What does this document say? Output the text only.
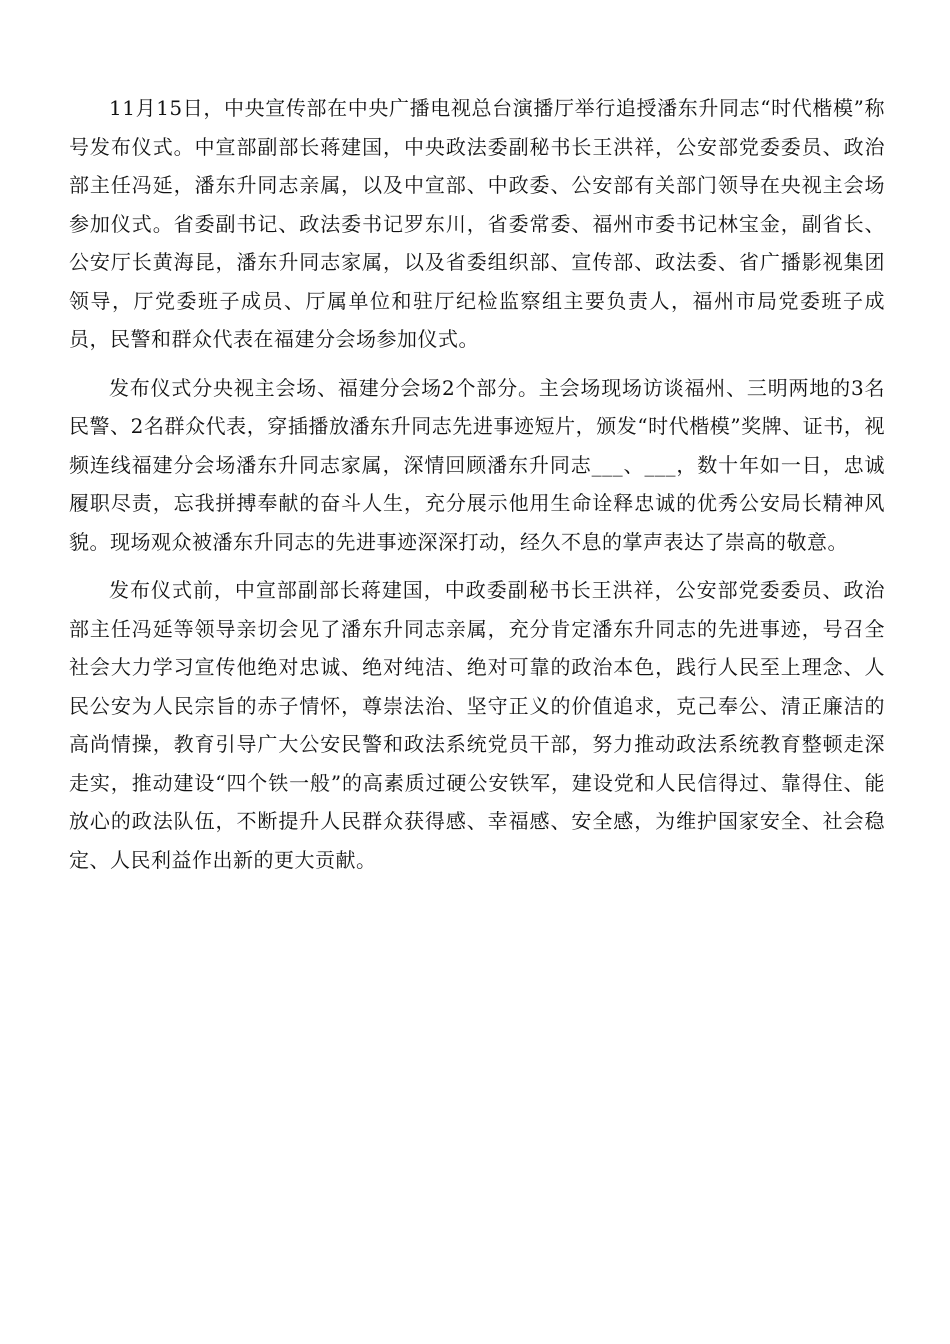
11月15日，中央宣传部在中央广播电视总台演播厅举行追授潘东升同志“时代楷模”称号发布仪式。中宣部副部长蒋建国，中央政法委副秘书长王洪祥，公安部党委委员、政治部主任冯延，潘东升同志亲属，以及中宣部、中政委、公安部有关部门领导在央视主会场参加仪式。省委副书记、政法委书记罗东川，省委常委、福州市委书记林宝金，副省长、公安厅长黄海昆，潘东升同志家属，以及省委组织部、宣传部、政法委、省广播影视集团领导，厅党委班子成员、厅属单位和驻厅纪检监察组主要负责人，福州市局党委班子成员，民警和群众代表在福建分会场参加仪式。

发布仪式分央视主会场、福建分会场2个部分。主会场现场访谈福州、三明两地的3名民警、2名群众代表，穿插播放潘东升同志先进事迹短片，颁发“时代楷模”奖牌、证书，视频连线福建分会场潘东升同志家属，深情回顾潘东升同志___、___，数十年如一日，忠诚履职尽责，忘我拼搏奉献的奋斗人生，充分展示他用生命诠释忠诚的优秀公安局长精神风貌。现场观众被潘东升同志的先进事迹深深打动，经久不息的掌声表达了崇高的敬意。

发布仪式前，中宣部副部长蒋建国，中政委副秘书长王洪祥，公安部党委委员、政治部主任冯延等领导亲切会见了潘东升同志亲属，充分肯定潘东升同志的先进事迹，号召全社会大力学习宣传他绝对忠诚、绝对纯洁、绝对可靠的政治本色，践行人民至上理念、人民公安为人民宗旨的赤子情怀，尊崇法治、坚守正义的价值追求，克己奉公、清正廉洁的高尚情操，教育引导广大公安民警和政法系统党员干部，努力推动政法系统教育整顿走深走实，推动建设“四个铁一般”的高素质过硬公安铁军，建设党和人民信得过、靠得住、能放心的政法队伍，不断提升人民群众获得感、幸福感、安全感，为维护国家安全、社会稳定、人民利益作出新的更大贡献。
